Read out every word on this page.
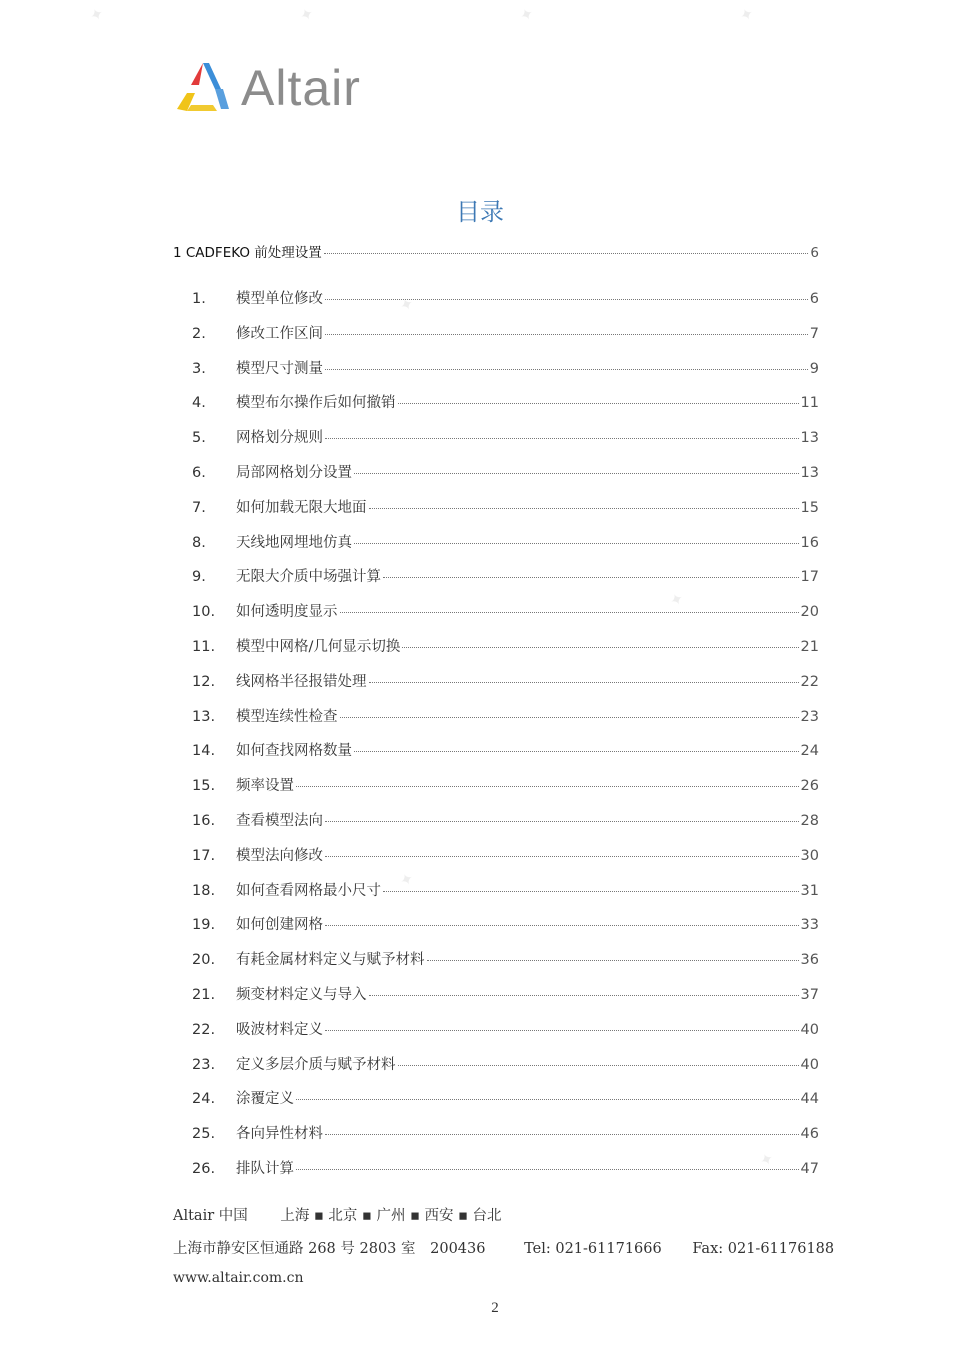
✦	✦	✦	✦
✦
✦
✦
✦
Altair
目录
1 CADFEKO 前处理设置	6
1.	模型单位修改	6
2.	修改工作区间	7
3.	模型尺寸测量	9
4.	模型布尔操作后如何撤销	11
5.	网格划分规则	13
6.	局部网格划分设置	13
7.	如何加载无限大地面	15
8.	天线地网埋地仿真	16
9.	无限大介质中场强计算	17
10.	如何透明度显示	20
11.	模型中网格/几何显示切换	21
12.	线网格半径报错处理	22
13.	模型连续性检查	23
14.	如何查找网格数量	24
15.	频率设置	26
16.	查看模型法向	28
17.	模型法向修改	30
18.	如何查看网格最小尺寸	31
19.	如何创建网格	33
20.	有耗金属材料定义与赋予材料	36
21.	频变材料定义与导入	37
22.	吸波材料定义	40
23.	定义多层介质与赋予材料	40
24.	涂覆定义	44
25.	各向异性材料	46
26.	排队计算	47
Altair 中国 上海 ▪ 北京 ▪ 广州 ▪ 西安 ▪ 台北
上海市静安区恒通路 268 号 2803 室 200436	Tel: 021-61171666 Fax: 021-61176188
www.altair.com.cn
2
